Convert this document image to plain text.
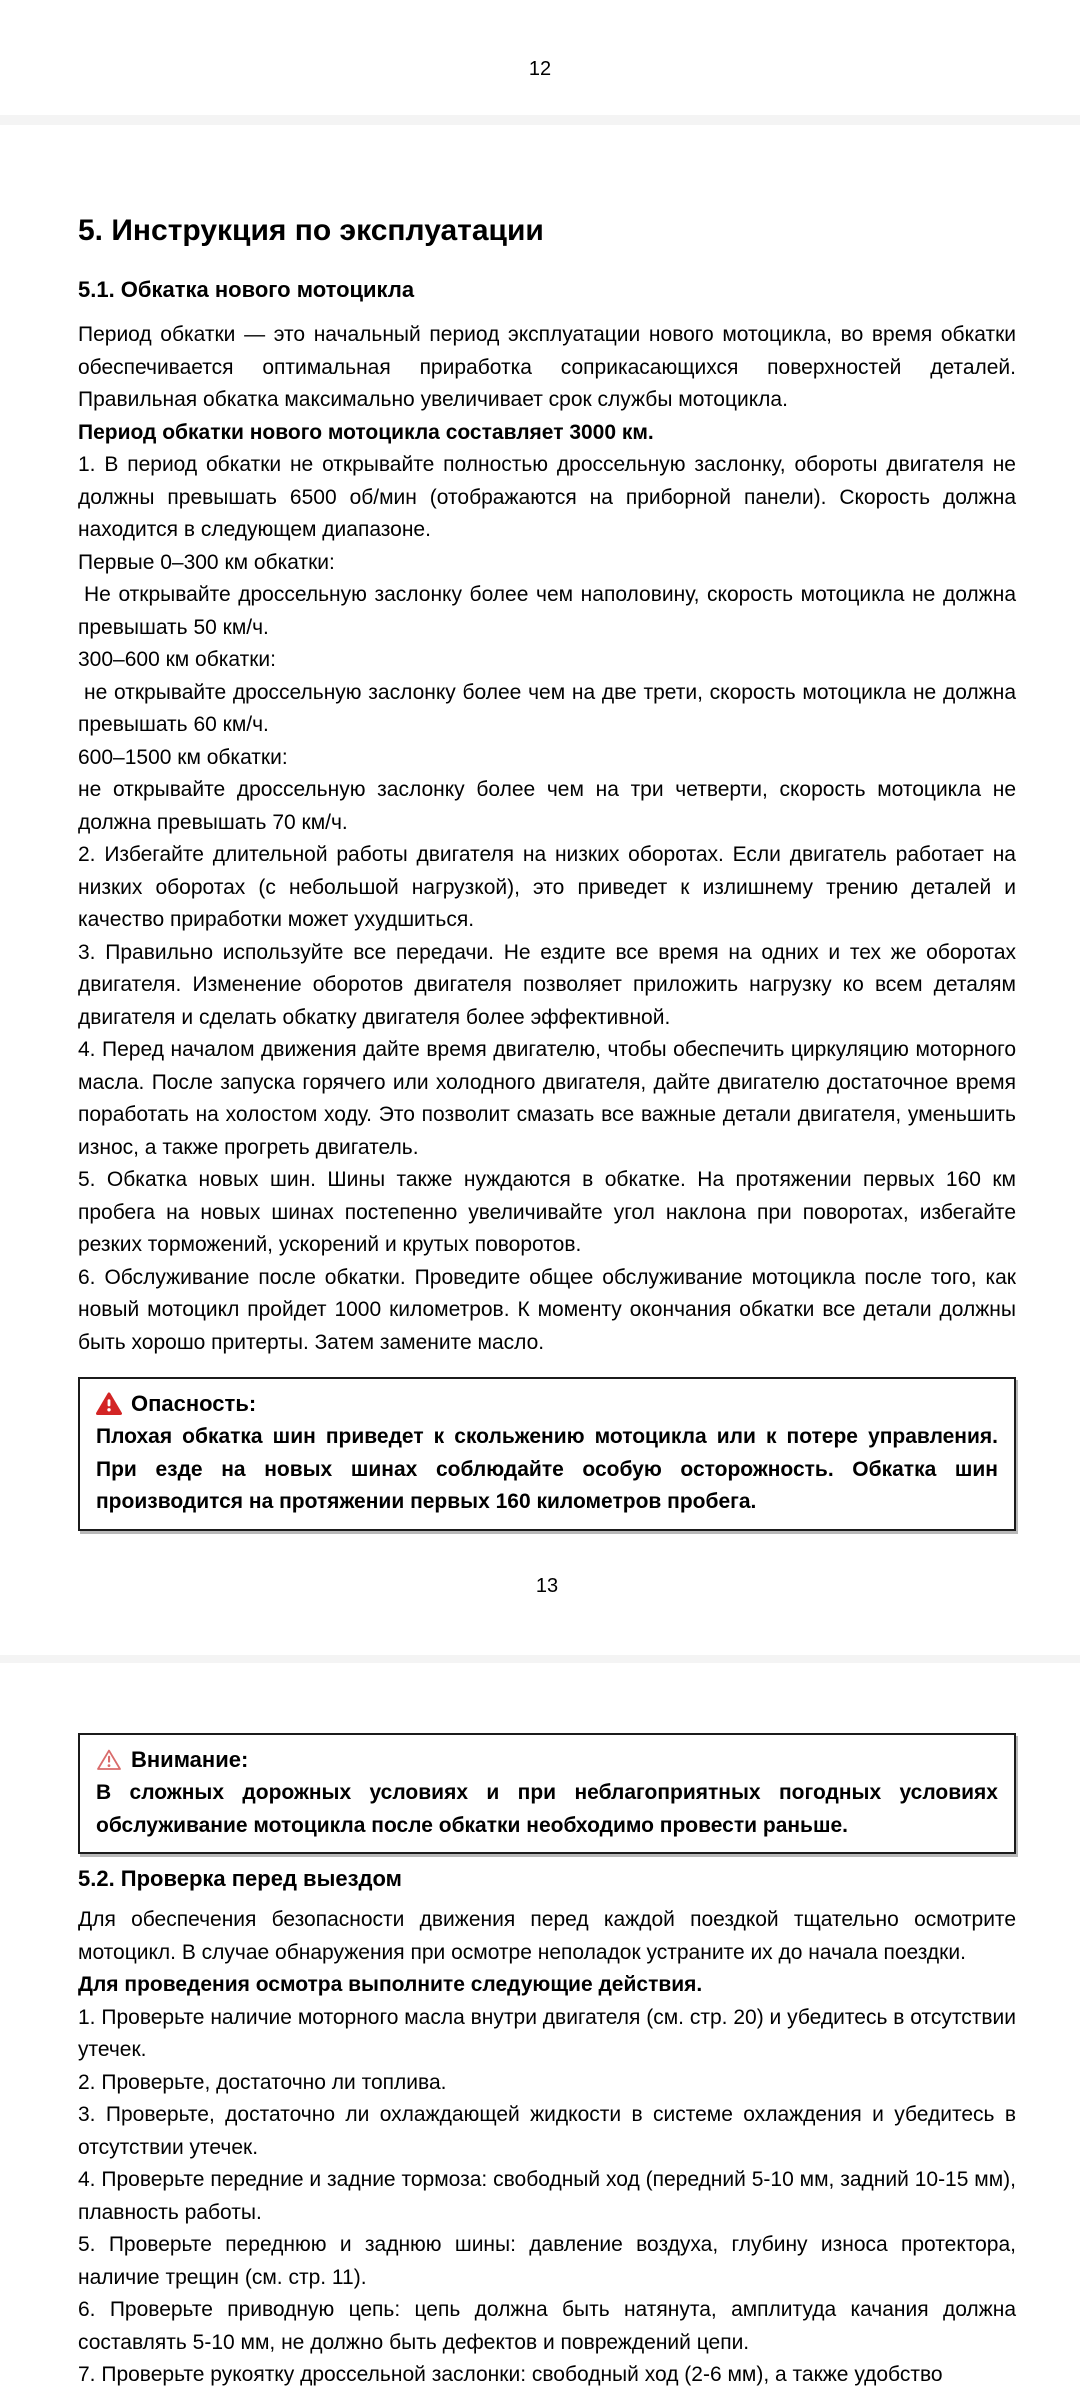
12
5. Инструкция по эксплуатации
5.1. Обкатка нового мотоцикла

Период обкатки — это начальный период эксплуатации нового мотоцикла, во время обкатки обеспечивается оптимальная приработка соприкасающихся поверхностей деталей. Правильная обкатка максимально увеличивает срок службы мотоцикла.

Период обкатки нового мотоцикла составляет 3000 км.

1. В период обкатки не открывайте полностью дроссельную заслонку, обороты двигателя не должны превышать 6500 об/мин (отображаются на приборной панели). Скорость должна находится в следующем диапазоне.

Первые 0–300 км обкатки:

Не открывайте дроссельную заслонку более чем наполовину, скорость мотоцикла не должна превышать 50 км/ч.

300–600 км обкатки:

не открывайте дроссельную заслонку более чем на две трети, скорость мотоцикла не должна превышать 60 км/ч.

600–1500 км обкатки:

не открывайте дроссельную заслонку более чем на три четверти, скорость мотоцикла не должна превышать 70 км/ч.

2. Избегайте длительной работы двигателя на низких оборотах. Если двигатель работает на низких оборотах (с небольшой нагрузкой), это приведет к излишнему трению деталей и качество приработки может ухудшиться.

3. Правильно используйте все передачи. Не ездите все время на одних и тех же оборотах двигателя. Изменение оборотов двигателя позволяет приложить нагрузку ко всем деталям двигателя и сделать обкатку двигателя более эффективной.

4. Перед началом движения дайте время двигателю, чтобы обеспечить циркуляцию моторного масла. После запуска горячего или холодного двигателя, дайте двигателю достаточное время поработать на холостом ходу. Это позволит смазать все важные детали двигателя, уменьшить износ, а также прогреть двигатель.

5. Обкатка новых шин. Шины также нуждаются в обкатке. На протяжении первых 160 км пробега на новых шинах постепенно увеличивайте угол наклона при поворотах, избегайте резких торможений, ускорений и крутых поворотов.

6. Обслуживание после обкатки. Проведите общее обслуживание мотоцикла после того, как новый мотоцикл пройдет 1000 километров. К моменту окончания обкатки все детали должны быть хорошо притерты. Затем замените масло.

Опасность:
Плохая обкатка шин приведет к скольжению мотоцикла или к потере управления. При езде на новых шинах соблюдайте особую осторожность. Обкатка шин производится на протяжении первых 160 километров пробега.
13
Внимание:
В сложных дорожных условиях и при неблагоприятных погодных условиях обслуживание мотоцикла после обкатки необходимо провести раньше.
5.2. Проверка перед выездом

Для обеспечения безопасности движения перед каждой поездкой тщательно осмотрите мотоцикл. В случае обнаружения при осмотре неполадок устраните их до начала поездки.

Для проведения осмотра выполните следующие действия.

1. Проверьте наличие моторного масла внутри двигателя (см. стр. 20) и убедитесь в отсутствии утечек.

2. Проверьте, достаточно ли топлива.

3. Проверьте, достаточно ли охлаждающей жидкости в системе охлаждения и убедитесь в отсутствии утечек.

4. Проверьте передние и задние тормоза: свободный ход (передний 5-10 мм, задний 10-15 мм), плавность работы.

5. Проверьте переднюю и заднюю шины: давление воздуха, глубину износа протектора, наличие трещин (см. стр. 11).

6. Проверьте приводную цепь: цепь должна быть натянута, амплитуда качания должна составлять 5-10 мм, не должно быть дефектов и повреждений цепи.

7. Проверьте рукоятку дроссельной заслонки: свободный ход (2-6 мм), а также удобство
